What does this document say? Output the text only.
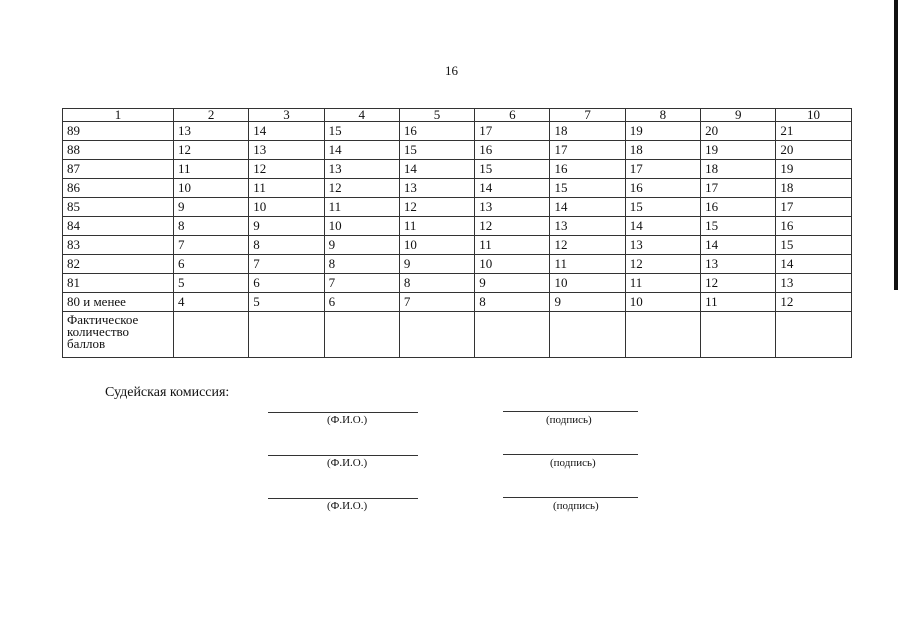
16
1	2	3	4	5	6	7	8	9	10
89	13	14	15	16	17	18	19	20	21
88	12	13	14	15	16	17	18	19	20
87	11	12	13	14	15	16	17	18	19
86	10	11	12	13	14	15	16	17	18
85	9	10	11	12	13	14	15	16	17
84	8	9	10	11	12	13	14	15	16
83	7	8	9	10	11	12	13	14	15
82	6	7	8	9	10	11	12	13	14
81	5	6	7	8	9	10	11	12	13
80 и менее	4	5	6	7	8	9	10	11	12
Фактическое количество баллов									
Судейская комиссия:
(Ф.И.О.)	(подпись)
(Ф.И.О.)	(подпись)
(Ф.И.О.)	(подпись)
